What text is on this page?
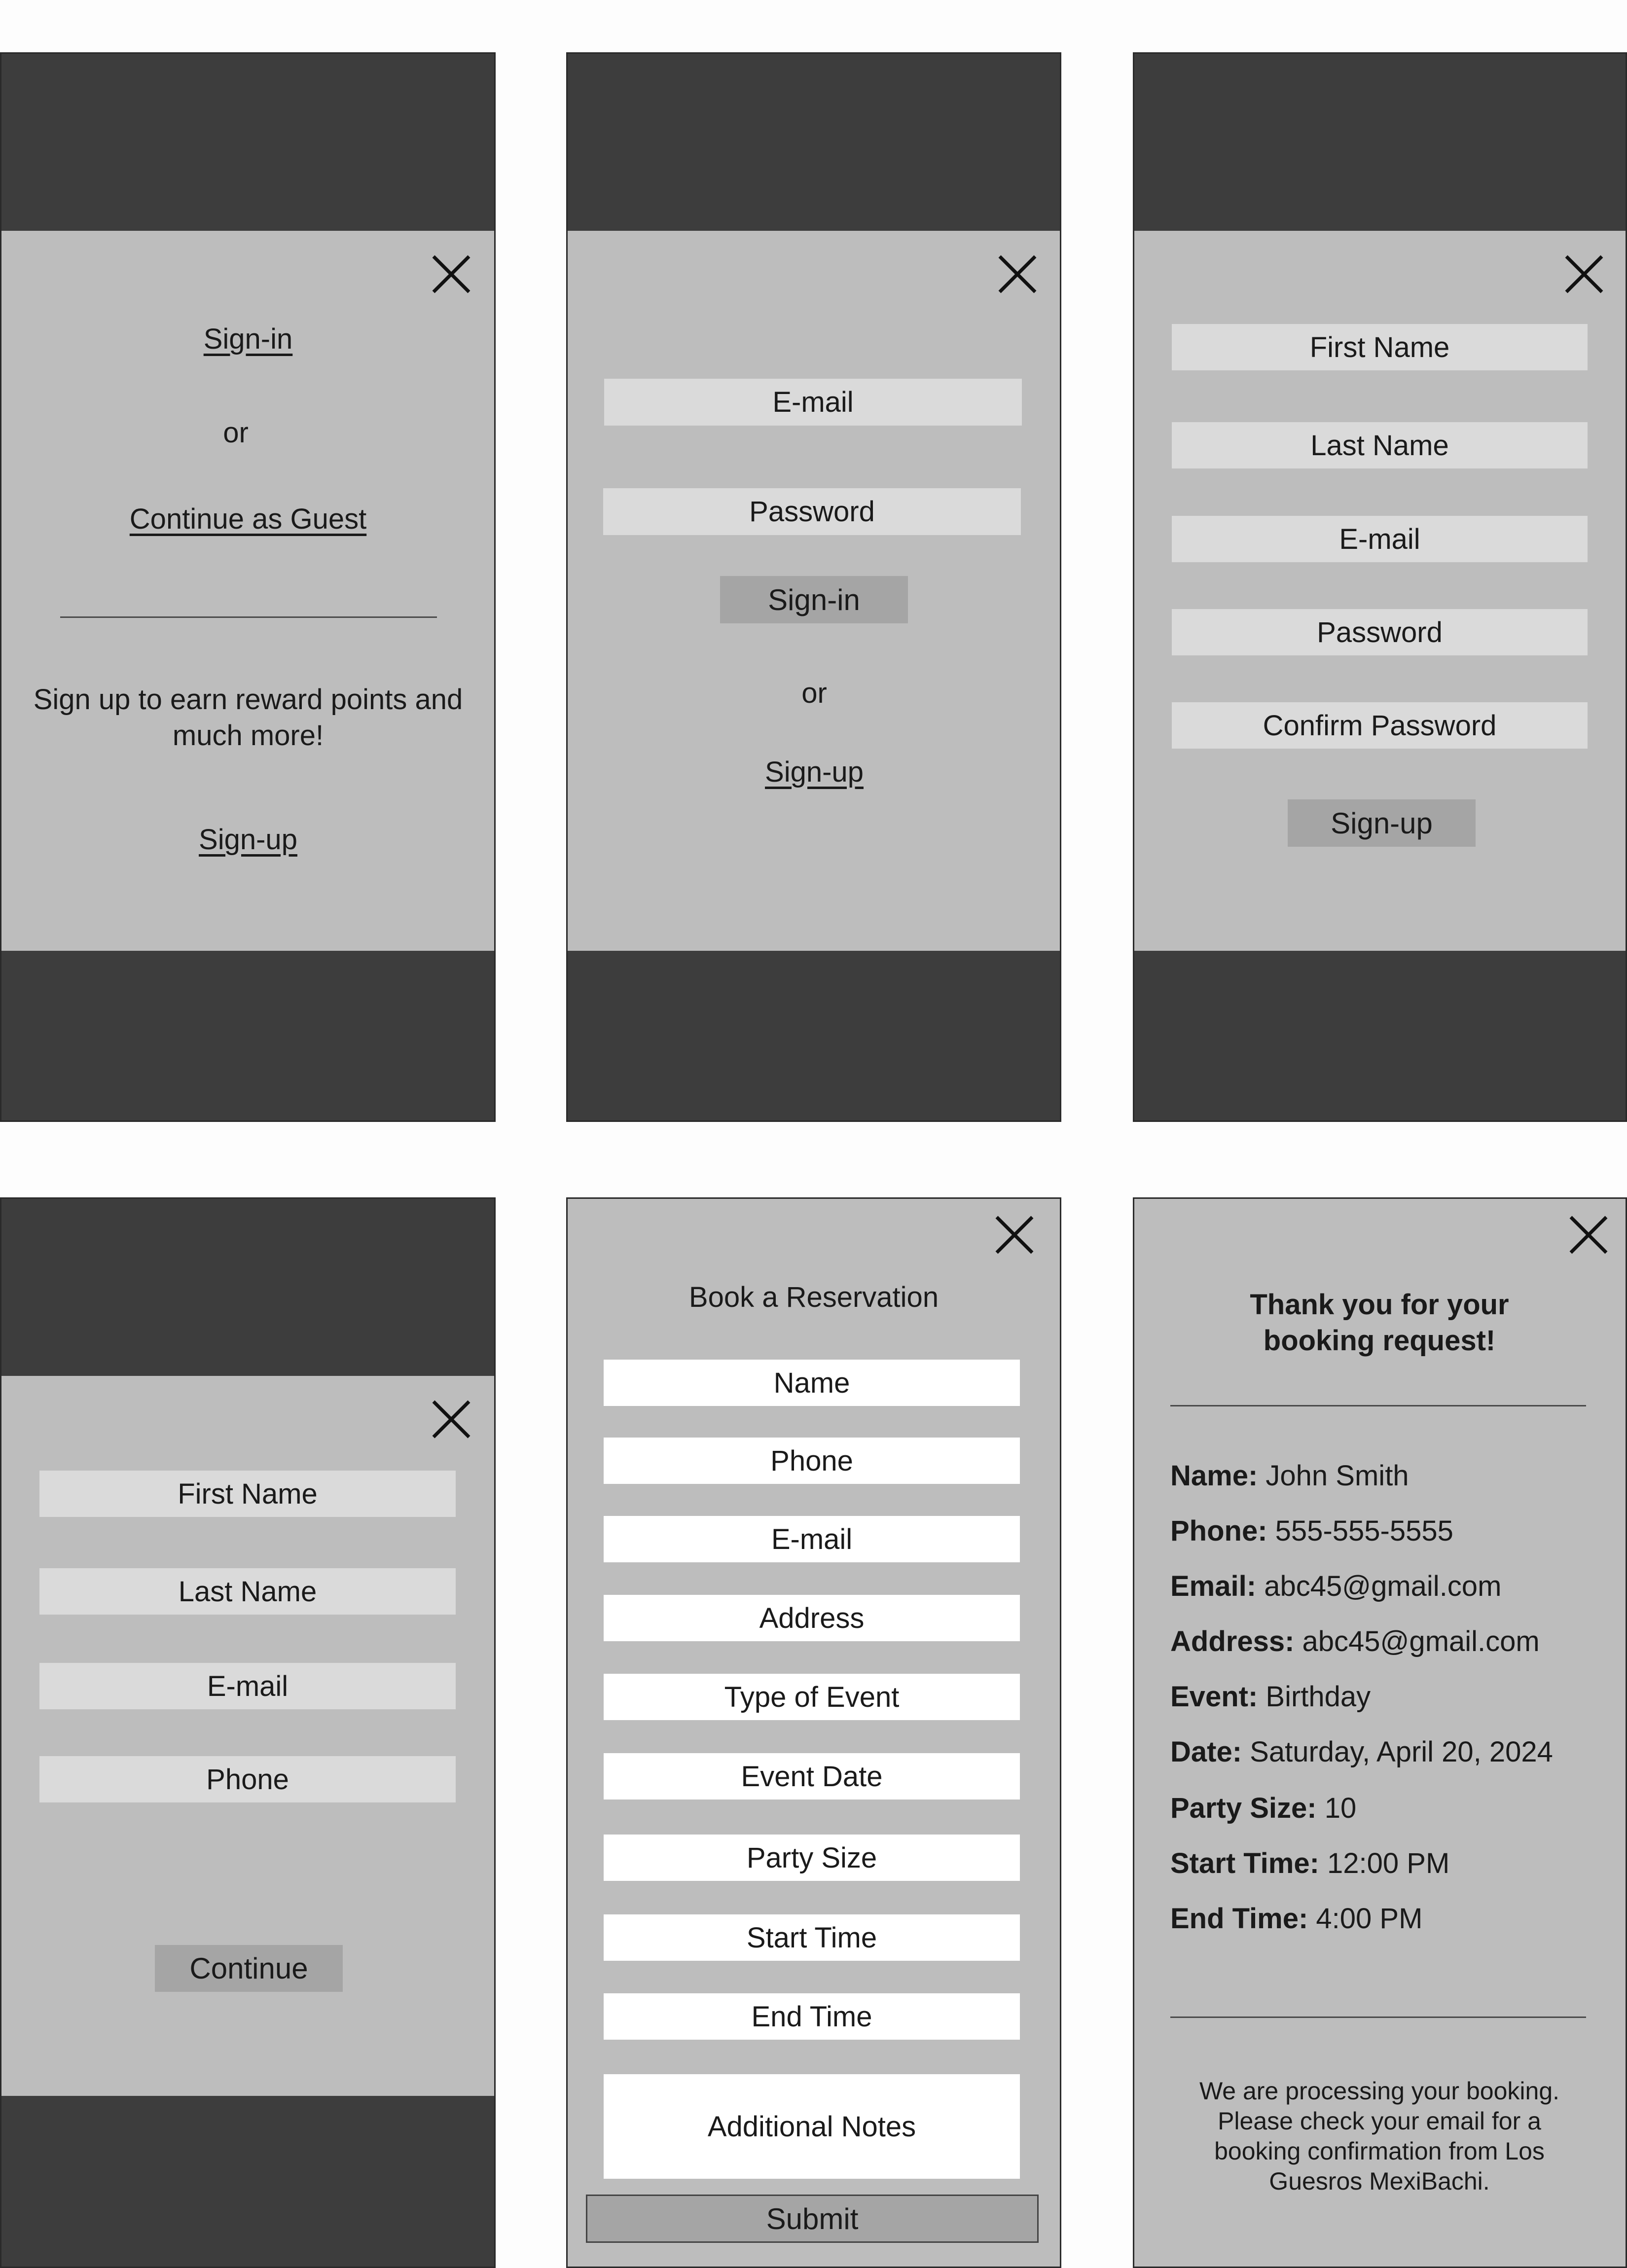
Sign-in
or
Continue as Guest
Sign up to earn reward points and much more!
Sign-up
E-mail
Password
Sign-in
or
Sign-up
First Name
Last Name
E-mail
Password
Confirm Password
Sign-up
First Name
Last Name
E-mail
Phone
Continue
Book a Reservation
Name
Phone
E-mail
Address
Type of Event
Event Date
Party Size
Start Time
End Time
Additional Notes
Submit
Thank you for your booking request!
Name: John Smith
Phone: 555-555-5555
Email: abc45@gmail.com
Address: abc45@gmail.com
Event: Birthday
Date: Saturday, April 20, 2024
Party Size: 10
Start Time: 12:00 PM
End Time: 4:00 PM
We are processing your booking. Please check your email for a booking confirmation from Los Guesros MexiBachi.
